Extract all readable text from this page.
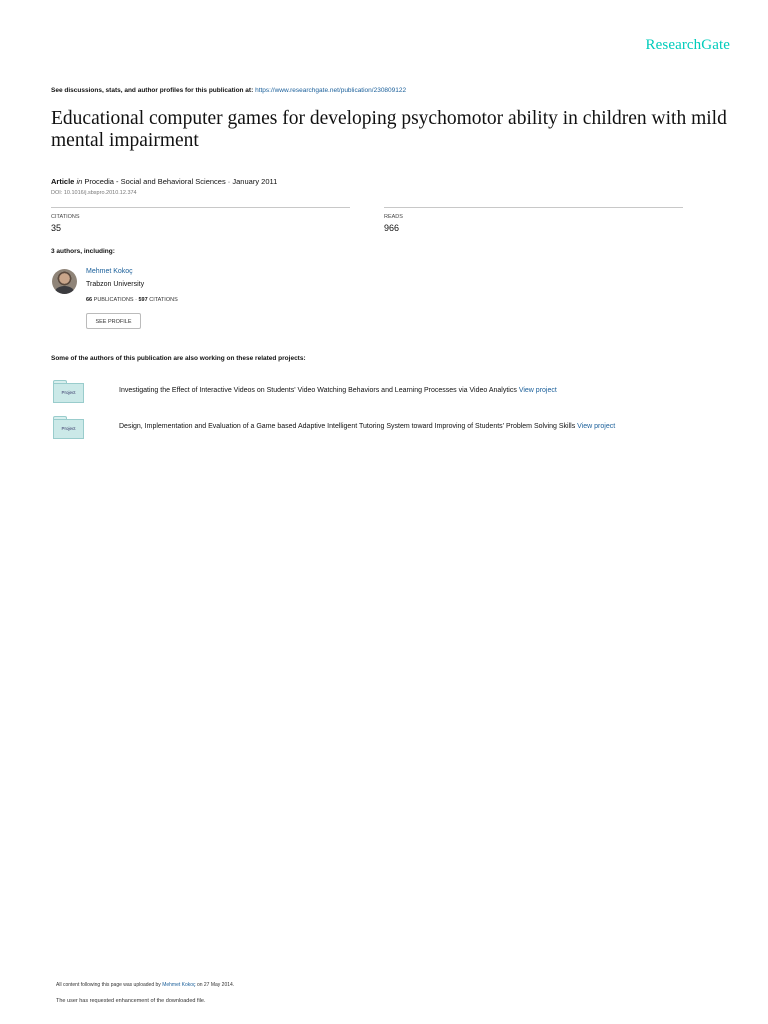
ResearchGate
See discussions, stats, and author profiles for this publication at: https://www.researchgate.net/publication/230809122
Educational computer games for developing psychomotor ability in children with mild mental impairment
Article in Procedia - Social and Behavioral Sciences · January 2011
DOI: 10.1016/j.sbspro.2010.12.374
CITATIONS
35
READS
966
3 authors, including:
Mehmet Kokoç
Trabzon University
66 PUBLICATIONS · 597 CITATIONS
SEE PROFILE
Some of the authors of this publication are also working on these related projects:
Project	Investigating the Effect of Interactive Videos on Students' Video Watching Behaviors and Learning Processes via Video Analytics View project
Project	Design, Implementation and Evaluation of a Game based Adaptive Intelligent Tutoring System toward Improving of Students' Problem Solving Skills View project
All content following this page was uploaded by Mehmet Kokoç on 27 May 2014.
The user has requested enhancement of the downloaded file.
